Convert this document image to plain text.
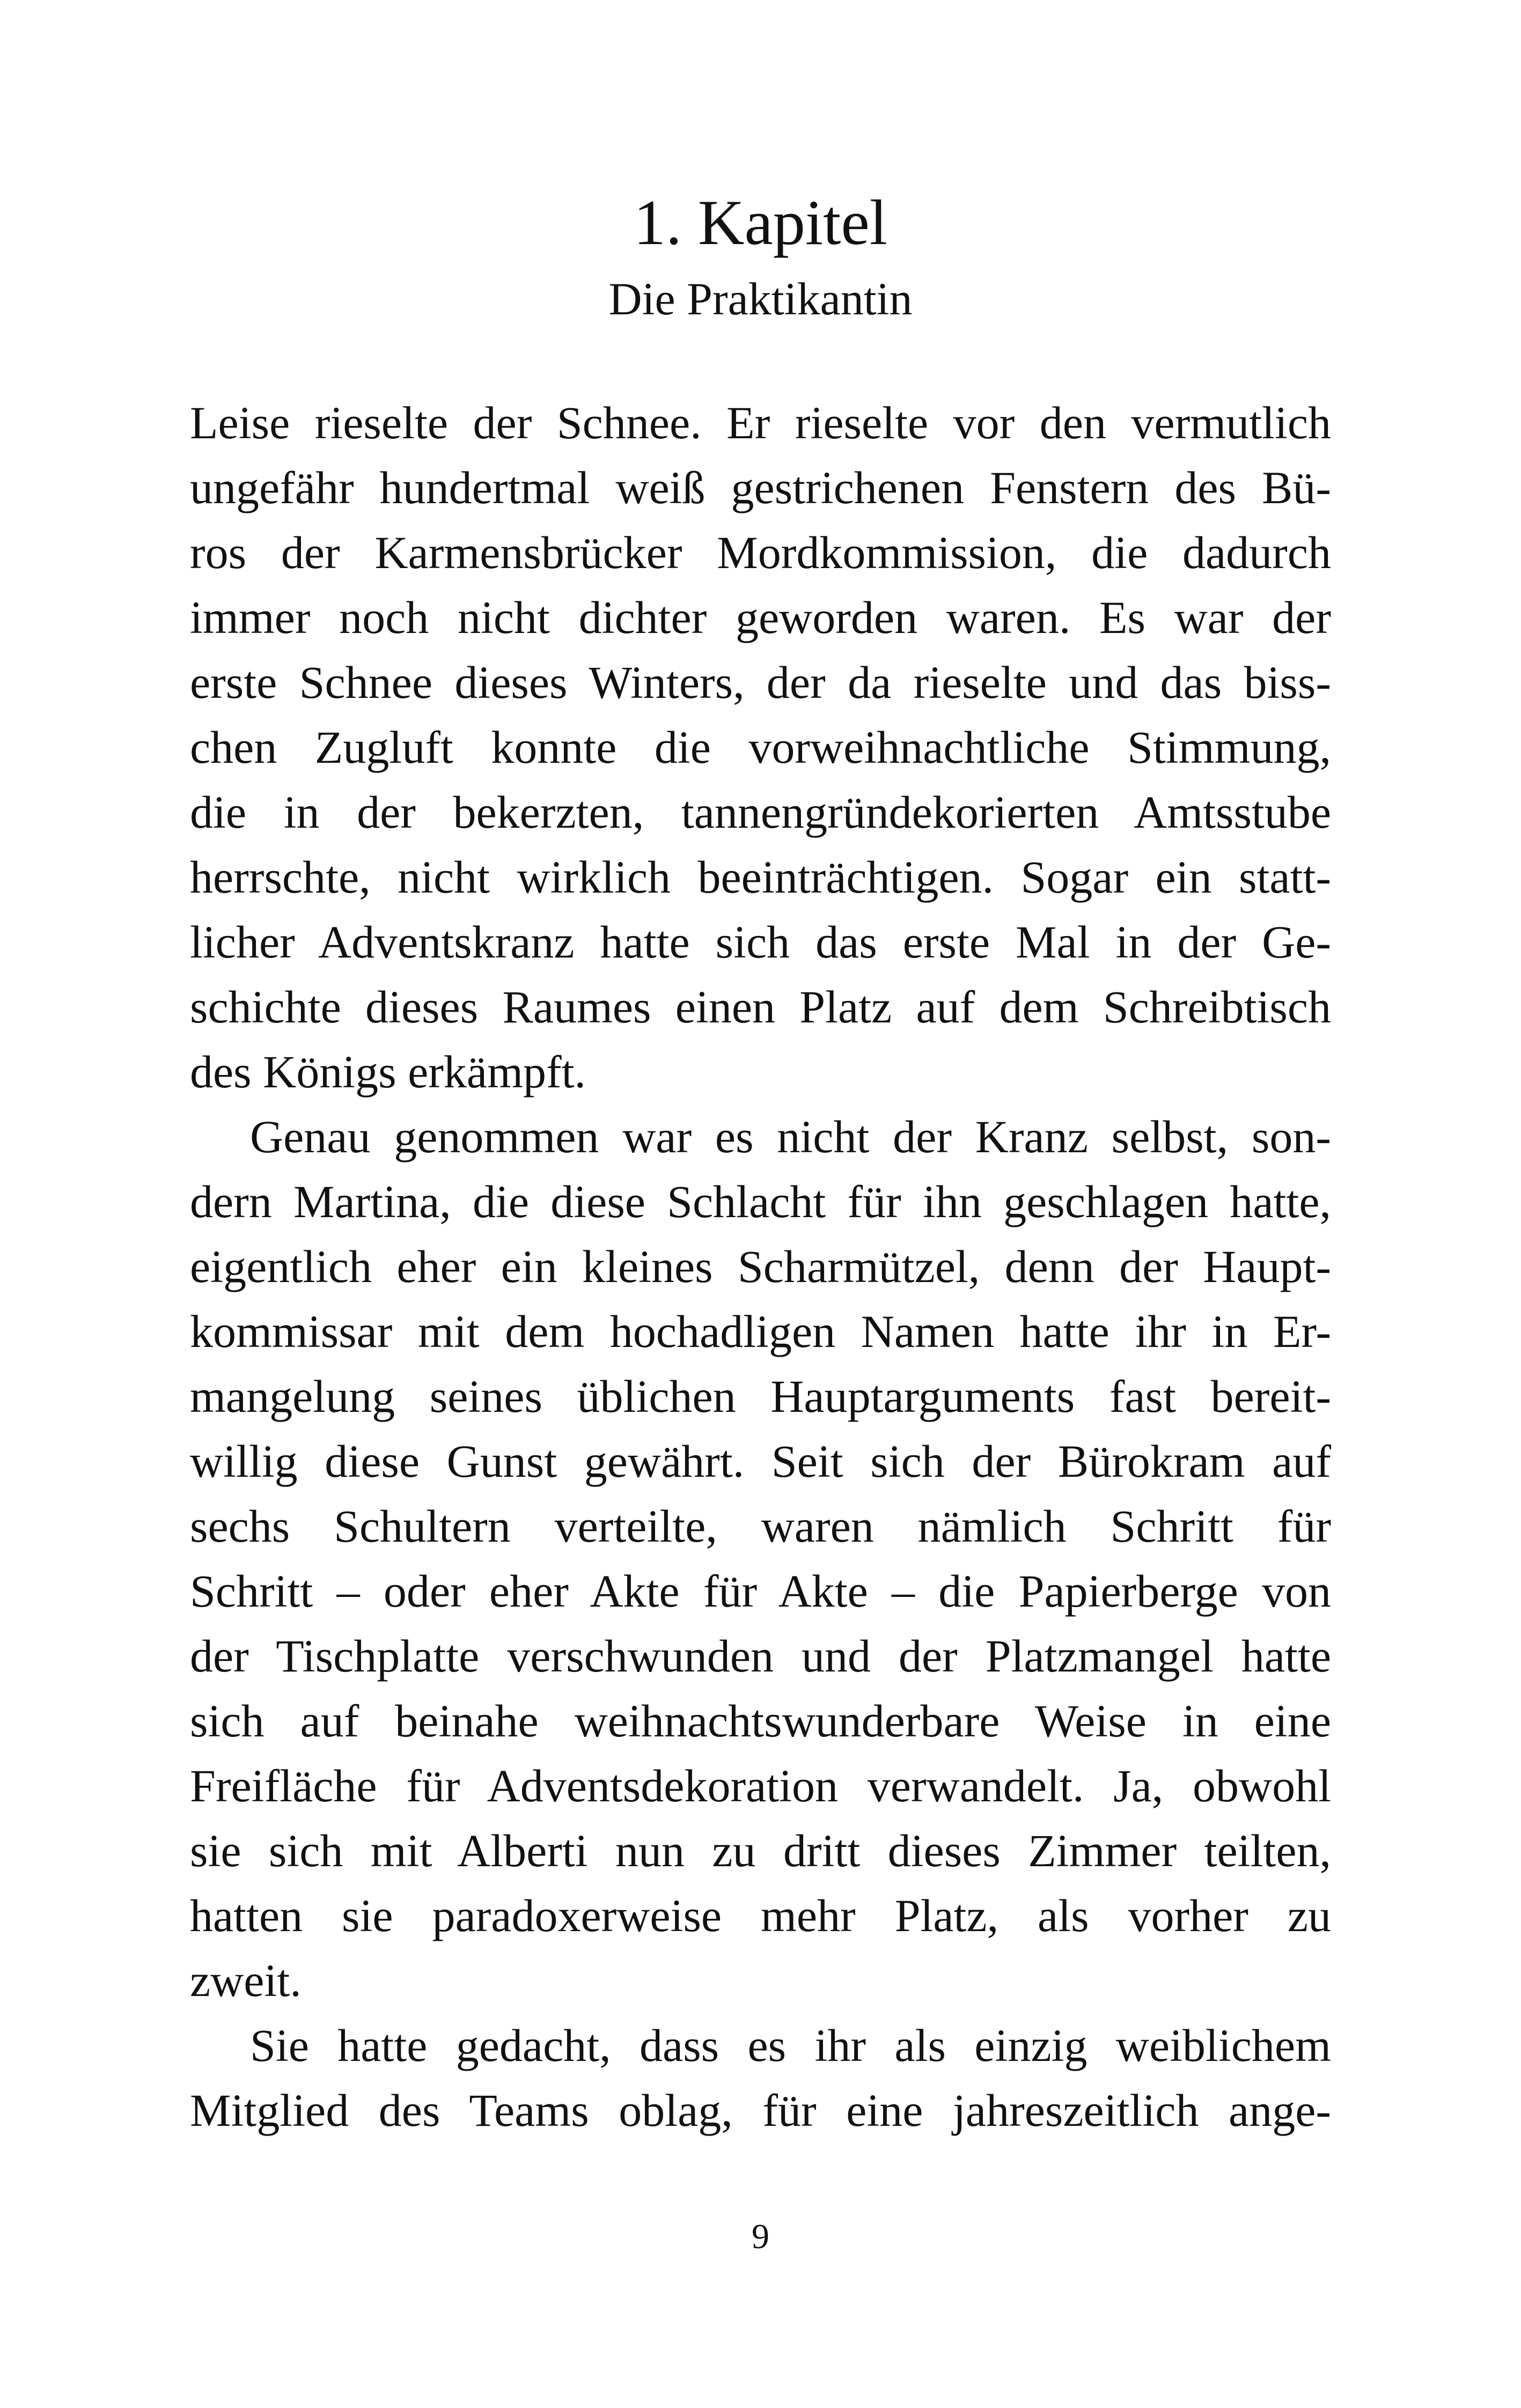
1. Kapitel
Die Praktikantin
Leise rieselte der Schnee. Er rieselte vor den vermutlich
ungefähr hundertmal weiß gestrichenen Fenstern des Bü-
ros der Karmensbrücker Mordkommission, die dadurch
immer noch nicht dichter geworden waren. Es war der
erste Schnee dieses Winters, der da rieselte und das biss-
chen Zugluft konnte die vorweihnachtliche Stimmung,
die in der bekerzten, tannengründekorierten Amtsstube
herrschte, nicht wirklich beeinträchtigen. Sogar ein statt-
licher Adventskranz hatte sich das erste Mal in der Ge-
schichte dieses Raumes einen Platz auf dem Schreibtisch
des Königs erkämpft.
Genau genommen war es nicht der Kranz selbst, son-
dern Martina, die diese Schlacht für ihn geschlagen hatte,
eigentlich eher ein kleines Scharmützel, denn der Haupt-
kommissar mit dem hochadligen Namen hatte ihr in Er-
mangelung seines üblichen Hauptarguments fast bereit-
willig diese Gunst gewährt. Seit sich der Bürokram auf
sechs Schultern verteilte, waren nämlich Schritt für
Schritt – oder eher Akte für Akte – die Papierberge von
der Tischplatte verschwunden und der Platzmangel hatte
sich auf beinahe weihnachtswunderbare Weise in eine
Freifläche für Adventsdekoration verwandelt. Ja, obwohl
sie sich mit Alberti nun zu dritt dieses Zimmer teilten,
hatten sie paradoxerweise mehr Platz, als vorher zu
zweit.
Sie hatte gedacht, dass es ihr als einzig weiblichem
Mitglied des Teams oblag, für eine jahreszeitlich ange-
9
